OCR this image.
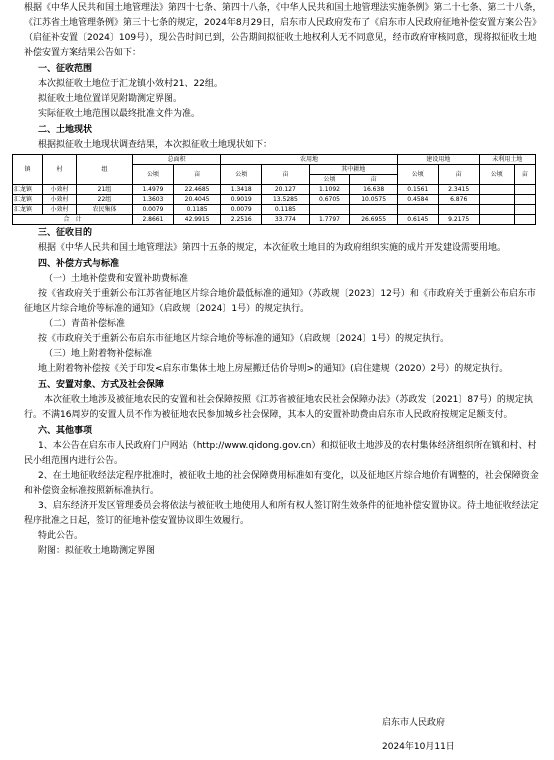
根据《中华人民共和国土地管理法》第四十七条、第四十八条，《中华人民共和国土地管理法实施条例》第二十七条、第二十八条，《江苏省土地管理条例》第三十七条的规定，2024年8月29日，启东市人民政府发布了《启东市人民政府征地补偿安置方案公告》（启征补安置〔2024〕109号），现公告时间已到，公告期间拟征收土地权利人无不同意见，经市政府审核同意，现将拟征收土地补偿安置方案结果公告如下：

一、征收范围

本次拟征收土地位于汇龙镇小效村21、22组。

拟征收土地位置详见附勘测定界图。

实际征收土地范围以最终批准文件为准。

二、土地现状

根据拟征收土地现状调查结果，本次拟征收土地现状如下：

镇	村	组	总面积		农用地				建设用地		未利用土地	
			公顷	亩	公顷	亩	其中耕地		公顷	亩	公顷	亩
							公顷	亩				
汇龙镇	小效村	21组	1.4979	22.4685	1.3418	20.127	1.1092	16.638	0.1561	2.3415		
汇龙镇	小效村	22组	1.3603	20.4045	0.9019	13.5285	0.6705	10.0575	0.4584	6.876		
汇龙镇	小效村	农民集体	0.0079	0.1185	0.0079	0.1185						
合　计			2.8661	42.9915	2.2516	33.774	1.7797	26.6955	0.6145	9.2175		

三、征收目的

根据《中华人民共和国土地管理法》第四十五条的规定，本次征收土地目的为政府组织实施的成片开发建设需要用地。

四、补偿方式与标准

（一）土地补偿费和安置补助费标准

按《省政府关于重新公布江苏省征地区片综合地价最低标准的通知》（苏政规〔2023〕12号）和《市政府关于重新公布启东市征地区片综合地价等标准的通知》（启政规〔2024〕1号）的规定执行。

（二）青苗补偿标准

按《市政府关于重新公布启东市征地区片综合地价等标准的通知》（启政规〔2024〕1号）的规定执行。

（三）地上附着物补偿标准

地上附着物补偿按《关于印发<启东市集体土地上房屋搬迁估价导则>的通知》(启住建规（2020）2号）的规定执行。

五、安置对象、方式及社会保障

本次征收土地涉及被征地农民的安置和社会保障按照《江苏省被征地农民社会保障办法》（苏政发〔2021〕87号）的规定执行。不满16周岁的安置人员不作为被征地农民参加城乡社会保障，其本人的安置补助费由启东市人民政府按规定足额支付。

六、其他事项

1、本公告在启东市人民政府门户网站（http://www.qidong.gov.cn）和拟征收土地涉及的农村集体经济组织所在镇和村、村民小组范围内进行公告。

2、在土地征收经法定程序批准时，被征收土地的社会保障费用标准如有变化，以及征地区片综合地价有调整的，社会保障资金和补偿资金标准按照新标准执行。

3、启东经济开发区管理委员会将依法与被征收土地使用人和所有权人签订附生效条件的征地补偿安置协议。待土地征收经法定程序批准之日起，签订的征地补偿安置协议即生效履行。

特此公告。

附图：拟征收土地勘测定界图

启东市人民政府

2024年10月11日
